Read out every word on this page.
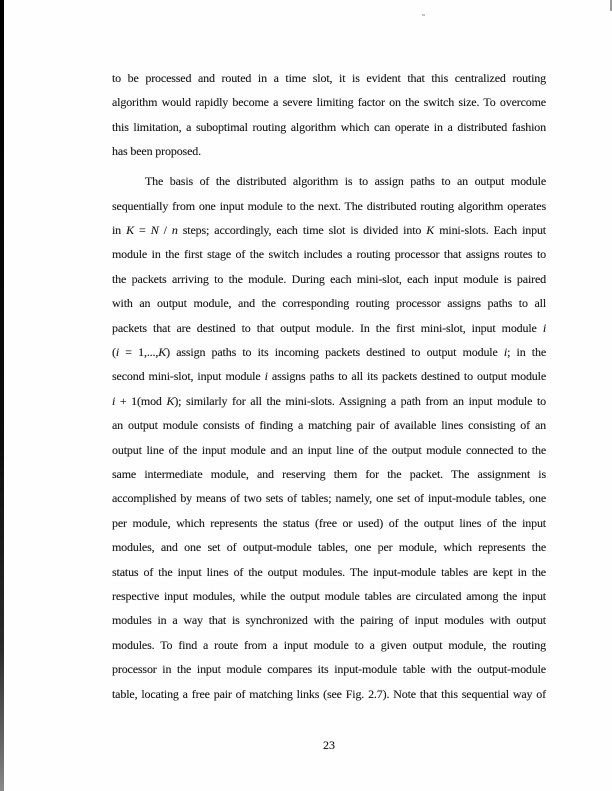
to be processed and routed in a time slot, it is evident that this centralized routing
algorithm would rapidly become a severe limiting factor on the switch size. To overcome
this limitation, a suboptimal routing algorithm which can operate in a distributed fashion
has been proposed.
The basis of the distributed algorithm is to assign paths to an output module
sequentially from one input module to the next. The distributed routing algorithm operates
in K = N / n steps; accordingly, each time slot is divided into K mini-slots. Each input
module in the first stage of the switch includes a routing processor that assigns routes to
the packets arriving to the module. During each mini-slot, each input module is paired
with an output module, and the corresponding routing processor assigns paths to all
packets that are destined to that output module. In the first mini-slot, input module i
(i = 1,...,K) assign paths to its incoming packets destined to output module i; in the
second mini-slot, input module i assigns paths to all its packets destined to output module
i + 1(mod K); similarly for all the mini-slots. Assigning a path from an input module to
an output module consists of finding a matching pair of available lines consisting of an
output line of the input module and an input line of the output module connected to the
same intermediate module, and reserving them for the packet. The assignment is
accomplished by means of two sets of tables; namely, one set of input-module tables, one
per module, which represents the status (free or used) of the output lines of the input
modules, and one set of output-module tables, one per module, which represents the
status of the input lines of the output modules. The input-module tables are kept in the
respective input modules, while the output module tables are circulated among the input
modules in a way that is synchronized with the pairing of input modules with output
modules. To find a route from a input module to a given output module, the routing
processor in the input module compares its input-module table with the output-module
table, locating a free pair of matching links (see Fig. 2.7). Note that this sequential way of
23
